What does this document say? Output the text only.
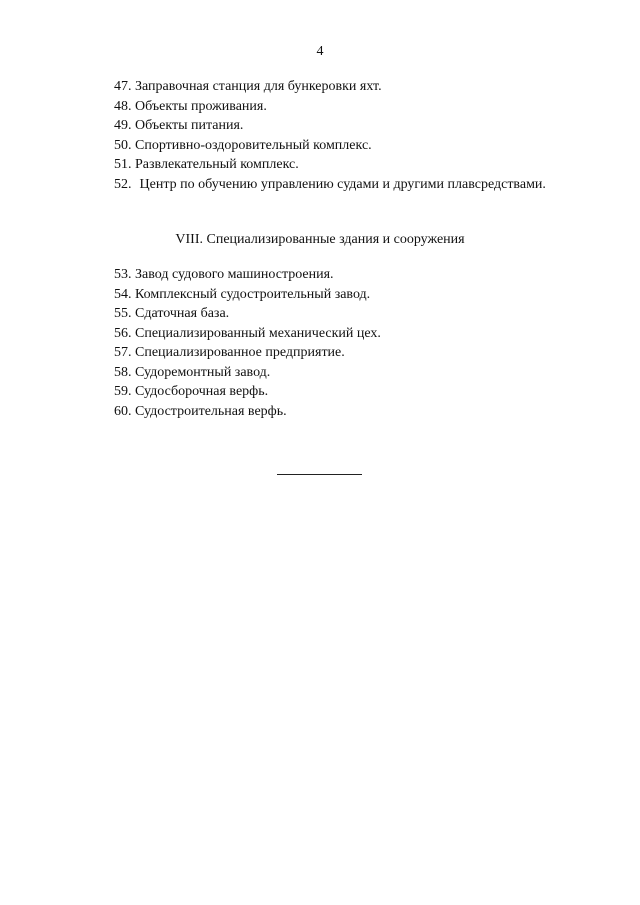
4
47. Заправочная станция для бункеровки яхт.
48. Объекты проживания.
49. Объекты питания.
50. Спортивно-оздоровительный комплекс.
51. Развлекательный комплекс.
52. Центр по обучению управлению судами и другими плавсредствами.
VIII. Специализированные здания и сооружения
53. Завод судового машиностроения.
54. Комплексный судостроительный завод.
55. Сдаточная база.
56. Специализированный механический цех.
57. Специализированное предприятие.
58. Судоремонтный завод.
59. Судосборочная верфь.
60. Судостроительная верфь.
